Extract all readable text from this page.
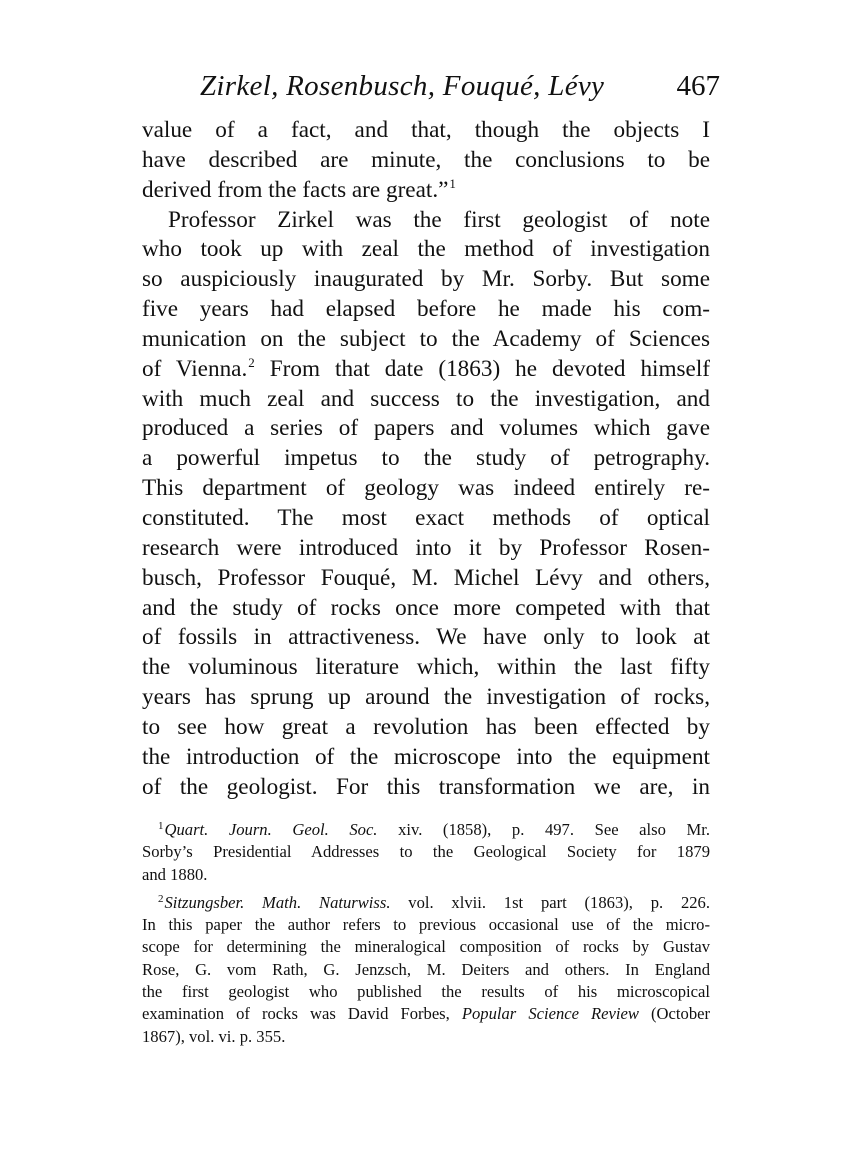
Zirkel, Rosenbusch, Fouqué, Lévy 467
value of a fact, and that, though the objects I
have described are minute, the conclusions to be
derived from the facts are great.”$^1$
Professor Zirkel was the first geologist of note
who took up with zeal the method of investigation
so auspiciously inaugurated by Mr. Sorby. But some
five years had elapsed before he made his com-
munication on the subject to the Academy of Sciences
of Vienna.$^2$ From that date (1863) he devoted himself
with much zeal and success to the investigation, and
produced a series of papers and volumes which gave
a powerful impetus to the study of petrography.
This department of geology was indeed entirely re-
constituted. The most exact methods of optical
research were introduced into it by Professor Rosen-
busch, Professor Fouqué, M. Michel Lévy and others,
and the study of rocks once more competed with that
of fossils in attractiveness. We have only to look at
the voluminous literature which, within the last fifty
years has sprung up around the investigation of rocks,
to see how great a revolution has been effected by
the introduction of the microscope into the equipment
of the geologist. For this transformation we are, in
$^1$Quart. Journ. Geol. Soc. xiv. (1858), p. 497. See also Mr.
Sorby’s Presidential Addresses to the Geological Society for 1879
and 1880.
$^2$Sitzungsber. Math. Naturwiss. vol. xlvii. 1st part (1863), p. 226.
In this paper the author refers to previous occasional use of the micro-
scope for determining the mineralogical composition of rocks by Gustav
Rose, G. vom Rath, G. Jenzsch, M. Deiters and others. In England
the first geologist who published the results of his microscopical
examination of rocks was David Forbes, Popular Science Review (October
1867), vol. vi. p. 355.
